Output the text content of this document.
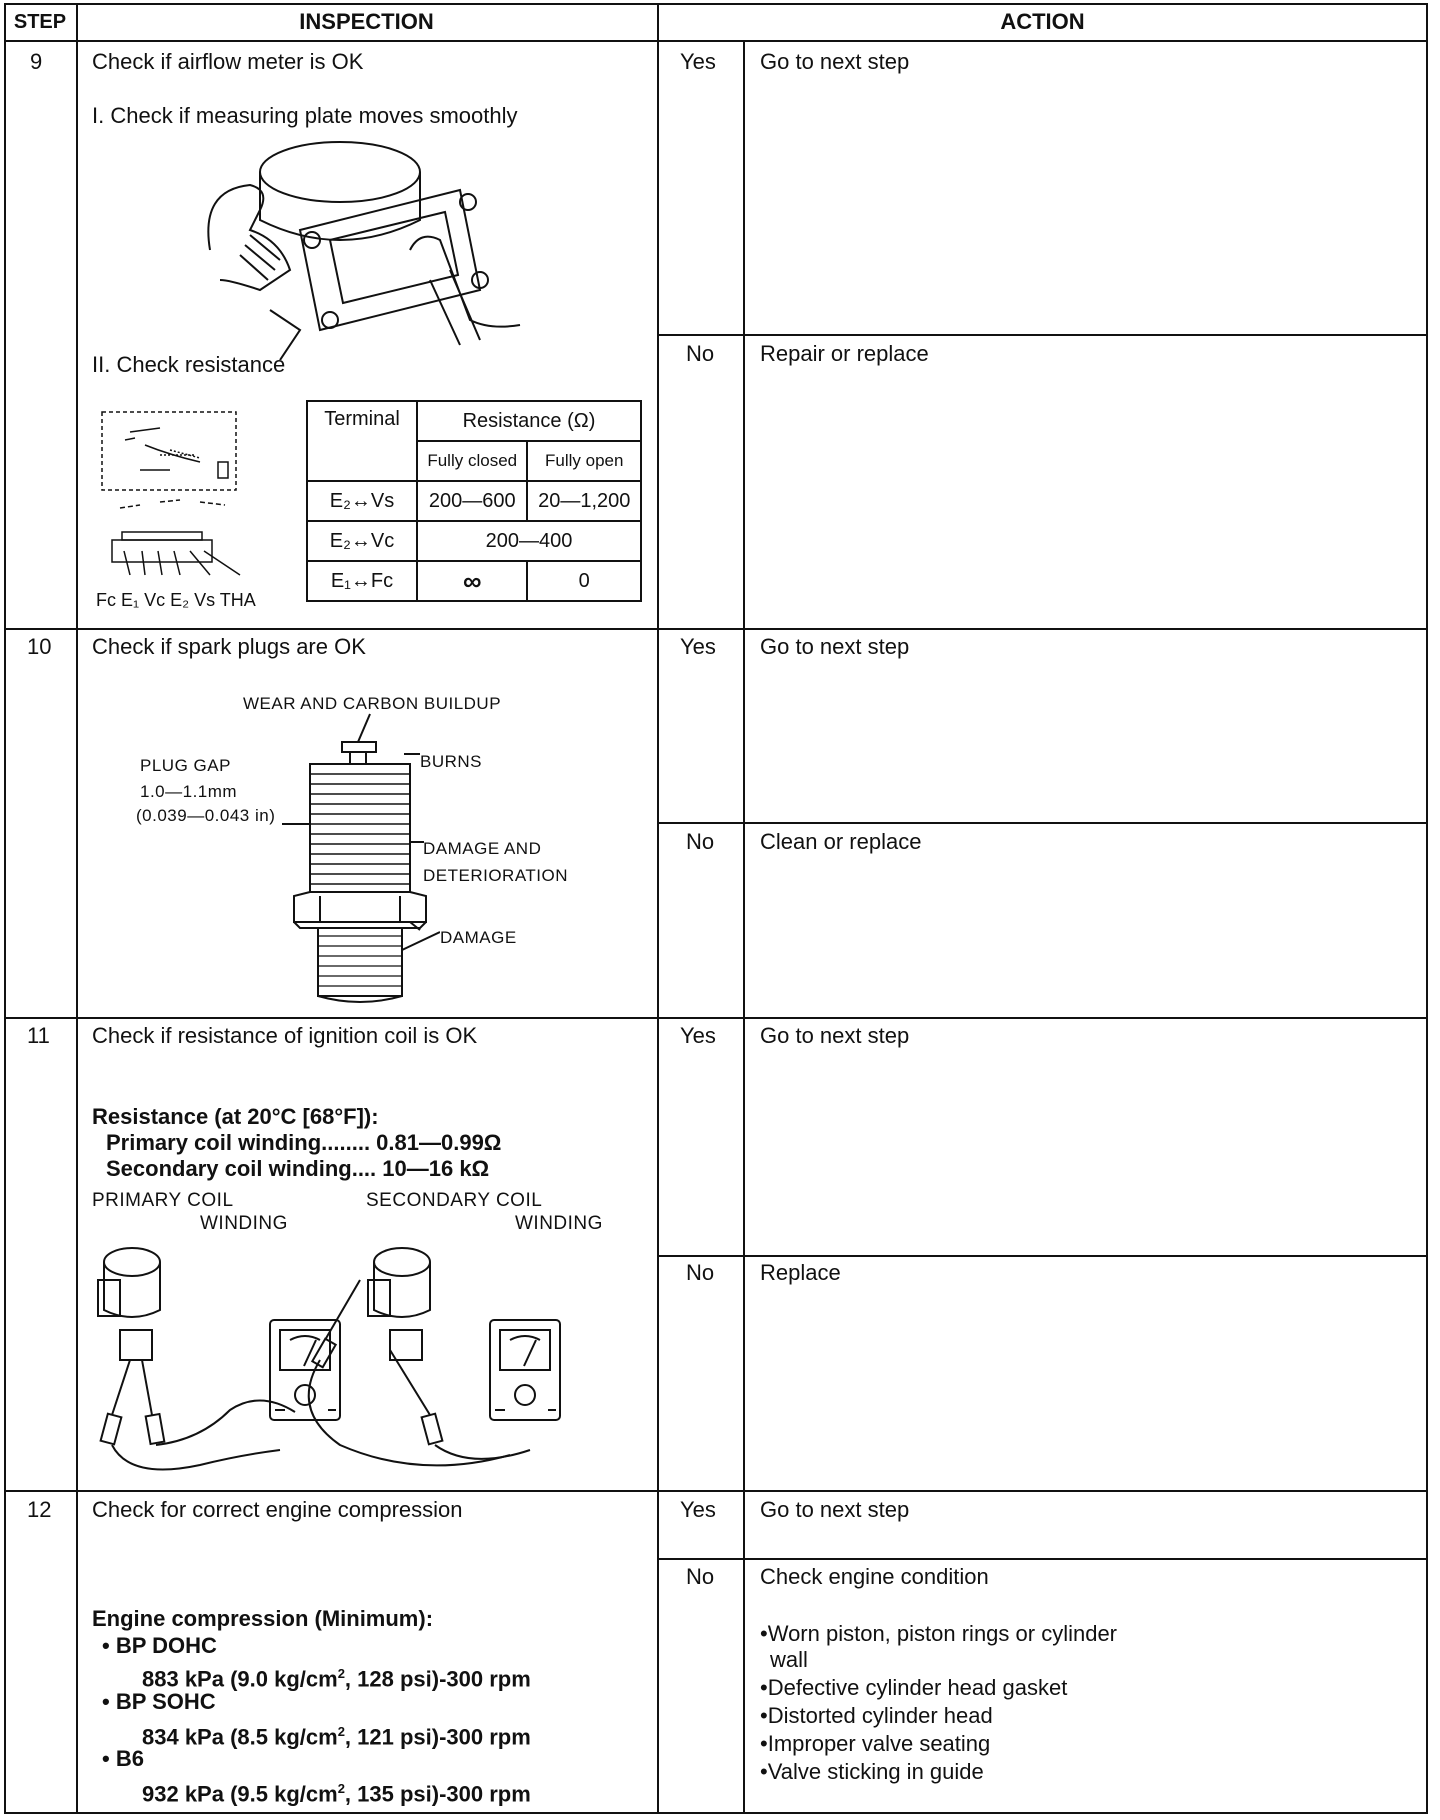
STEP	INSPECTION	ACTION
9 Check if airflow meter is OK
I. Check if measuring plate moves smoothly
II. Check resistance
Fc E₁ Vc E₂ Vs THA
Terminal	Resistance (Ω)	
	Fully closed	Fully open
E₂↔Vs	200—600	20—1,200
E₂↔Vc	200—400	
E₁↔Fc	∞	0
Yes Go to next step
No Repair or replace
10 Check if spark plugs are OK
WEAR AND CARBON BUILDUP
BURNS
PLUG GAP
1.0—1.1mm
(0.039—0.043 in)
DAMAGE AND
DETERIORATION
DAMAGE
Yes Go to next step
No Clean or replace
11 Check if resistance of ignition coil is OK
Resistance (at 20°C [68°F]):
Primary coil winding........ 0.81—0.99Ω
Secondary coil winding.... 10—16 kΩ
PRIMARY COIL
WINDING
SECONDARY COIL
WINDING
Yes Go to next step
No Replace
12 Check for correct engine compression
Engine compression (Minimum):
• BP DOHC
883 kPa (9.0 $kg/cm^2$, 128 psi)-300 rpm
• BP SOHC
834 kPa (8.5 $kg/cm^2$, 121 psi)-300 rpm
• B6
932 kPa (9.5 $kg/cm^2$, 135 psi)-300 rpm
Yes Go to next step
No Check engine condition
•Worn piston, piston rings or cylinder
wall
•Defective cylinder head gasket
•Distorted cylinder head
•Improper valve seating
•Valve sticking in guide
